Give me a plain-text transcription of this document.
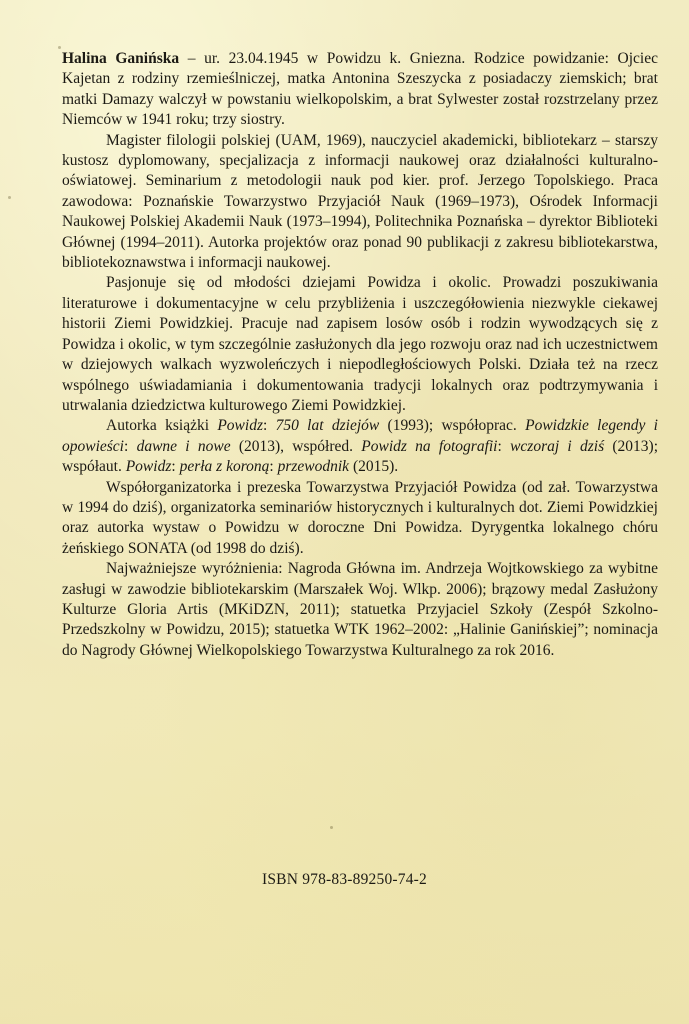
Halina Ganińska – ur. 23.04.1945 w Powidzu k. Gniezna. Rodzice powidzanie: Ojciec Kajetan z rodziny rzemieślniczej, matka Antonina Szeszycka z posiadaczy ziemskich; brat matki Damazy walczył w powstaniu wielkopolskim, a brat Sylwester został rozstrzelany przez Niemców w 1941 roku; trzy siostry.

Magister filologii polskiej (UAM, 1969), nauczyciel akademicki, bibliotekarz – starszy kustosz dyplomowany, specjalizacja z informacji naukowej oraz działalności kulturalno-oświatowej. Seminarium z metodologii nauk pod kier. prof. Jerzego Topolskiego. Praca zawodowa: Poznańskie Towarzystwo Przyjaciół Nauk (1969–1973), Ośrodek Informacji Naukowej Polskiej Akademii Nauk (1973–1994), Politechnika Poznańska – dyrektor Biblioteki Głównej (1994–2011). Autorka projektów oraz ponad 90 publikacji z zakresu bibliotekarstwa, bibliotekoznawstwa i informacji naukowej.

Pasjonuje się od młodości dziejami Powidza i okolic. Prowadzi poszukiwania literaturowe i dokumentacyjne w celu przybliżenia i uszczegółowienia niezwykle ciekawej historii Ziemi Powidzkiej. Pracuje nad zapisem losów osób i rodzin wywodzących się z Powidza i okolic, w tym szczególnie zasłużonych dla jego rozwoju oraz nad ich uczestnictwem w dziejowych walkach wyzwoleńczych i niepodległościowych Polski. Działa też na rzecz wspólnego uświadamiania i dokumentowania tradycji lokalnych oraz podtrzymywania i utrwalania dziedzictwa kulturowego Ziemi Powidzkiej.

Autorka książki Powidz: 750 lat dziejów (1993); współoprac. Powidzkie legendy i opowieści: dawne i nowe (2013), współred. Powidz na fotografii: wczoraj i dziś (2013); współaut. Powidz: perła z koroną: przewodnik (2015).

Współorganizatorka i prezeska Towarzystwa Przyjaciół Powidza (od zał. Towarzystwa w 1994 do dziś), organizatorka seminariów historycznych i kulturalnych dot. Ziemi Powidzkiej oraz autorka wystaw o Powidzu w doroczne Dni Powidza. Dyrygentka lokalnego chóru żeńskiego SONATA (od 1998 do dziś).

Najważniejsze wyróżnienia: Nagroda Główna im. Andrzeja Wojtkowskiego za wybitne zasługi w zawodzie bibliotekarskim (Marszałek Woj. Wlkp. 2006); brązowy medal Zasłużony Kulturze Gloria Artis (MKiDZN, 2011); statuetka Przyjaciel Szkoły (Zespół Szkolno-Przedszkolny w Powidzu, 2015); statuetka WTK 1962–2002: „Halinie Ganińskiej”; nominacja do Nagrody Głównej Wielkopolskiego Towarzystwa Kulturalnego za rok 2016.

ISBN 978-83-89250-74-2
